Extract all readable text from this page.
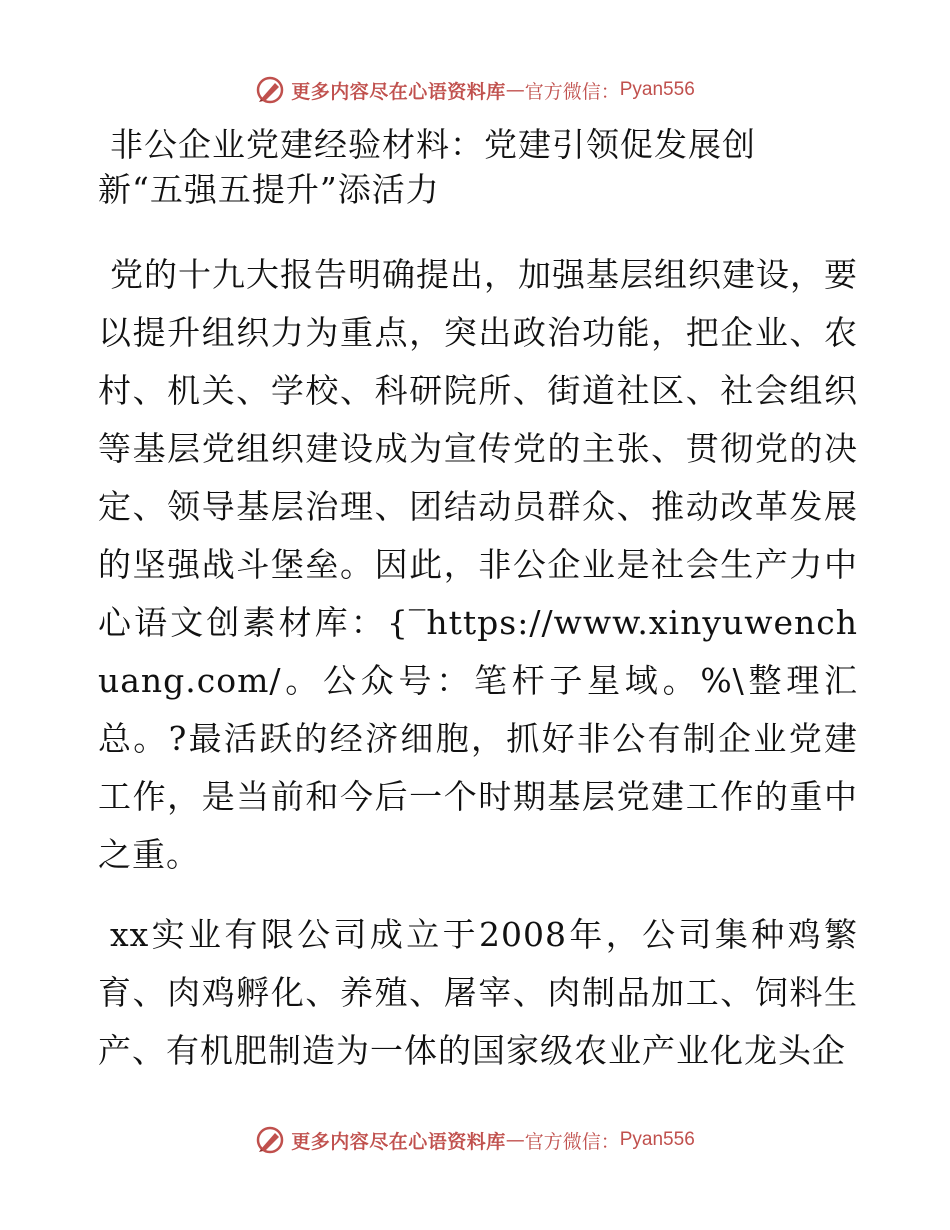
更多内容尽在心语资料库 — 官方微信： Pyan556
非公企业党建经验材料：党建引领促发展创
新“五强五提升”添活力

党的十九大报告明确提出，加强基层组织建设，要以提升组织力为重点，突出政治功能，把企业、农村、机关、学校、科研院所、街道社区、社会组织等基层党组织建设成为宣传党的主张、贯彻党的决定、领导基层治理、团结动员群众、推动改革发展的坚强战斗堡垒。因此，非公企业是社会生产力中心语文创素材库：{‾https://www.xinyuwenchuang.com/。公众号：笔杆子星域。%\整理汇总。?最活跃的经济细胞，抓好非公有制企业党建工作，是当前和今后一个时期基层党建工作的重中之重。

xx实业有限公司成立于2008年，公司集种鸡繁育、肉鸡孵化、养殖、屠宰、肉制品加工、饲料生产、有机肥制造为一体的国家级农业产业化龙头企

更多内容尽在心语资料库 — 官方微信： Pyan556
